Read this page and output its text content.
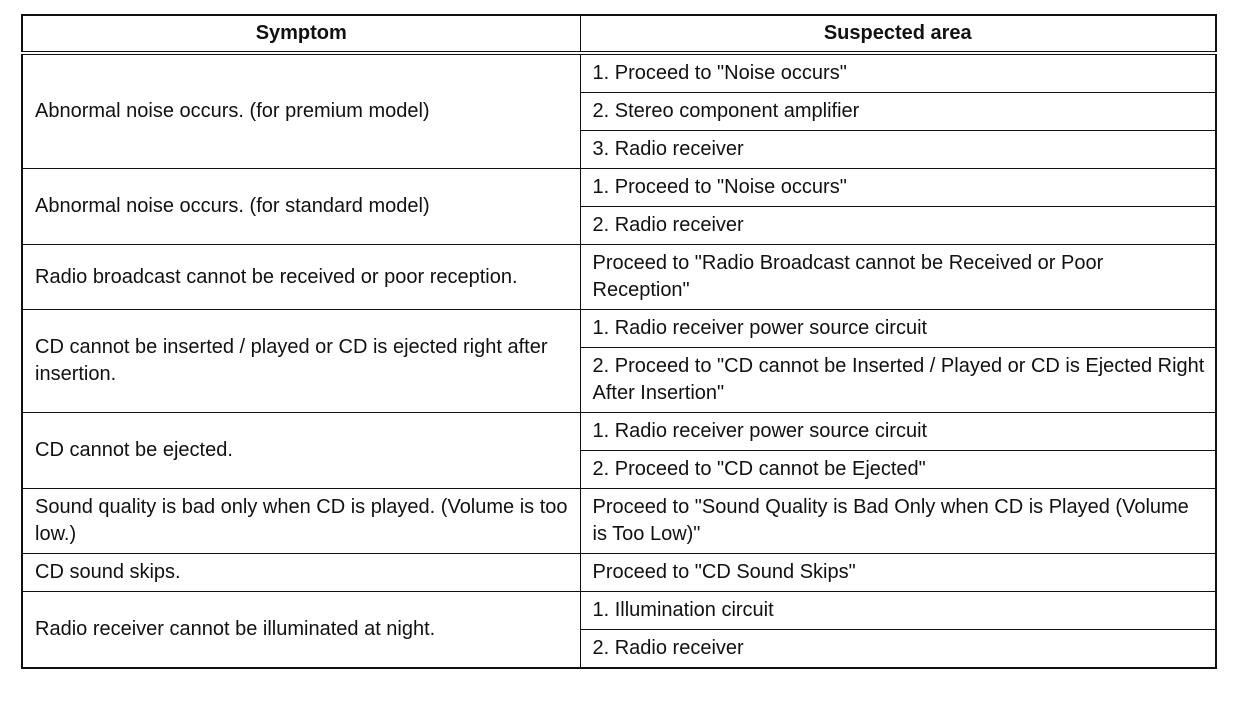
Symptom	Suspected area
Abnormal noise occurs. (for premium model)	1. Proceed to "Noise occurs"
	2. Stereo component amplifier
	3. Radio receiver
Abnormal noise occurs. (for standard model)	1. Proceed to "Noise occurs"
	2. Radio receiver
Radio broadcast cannot be received or poor reception.	Proceed to "Radio Broadcast cannot be Received or Poor Reception"
CD cannot be inserted / played or CD is ejected right after insertion.	1. Radio receiver power source circuit
	2. Proceed to "CD cannot be Inserted / Played or CD is Ejected Right After Insertion"
CD cannot be ejected.	1. Radio receiver power source circuit
	2. Proceed to "CD cannot be Ejected"
Sound quality is bad only when CD is played. (Volume is too low.)	Proceed to "Sound Quality is Bad Only when CD is Played (Volume is Too Low)"
CD sound skips.	Proceed to "CD Sound Skips"
Radio receiver cannot be illuminated at night.	1. Illumination circuit
	2. Radio receiver
